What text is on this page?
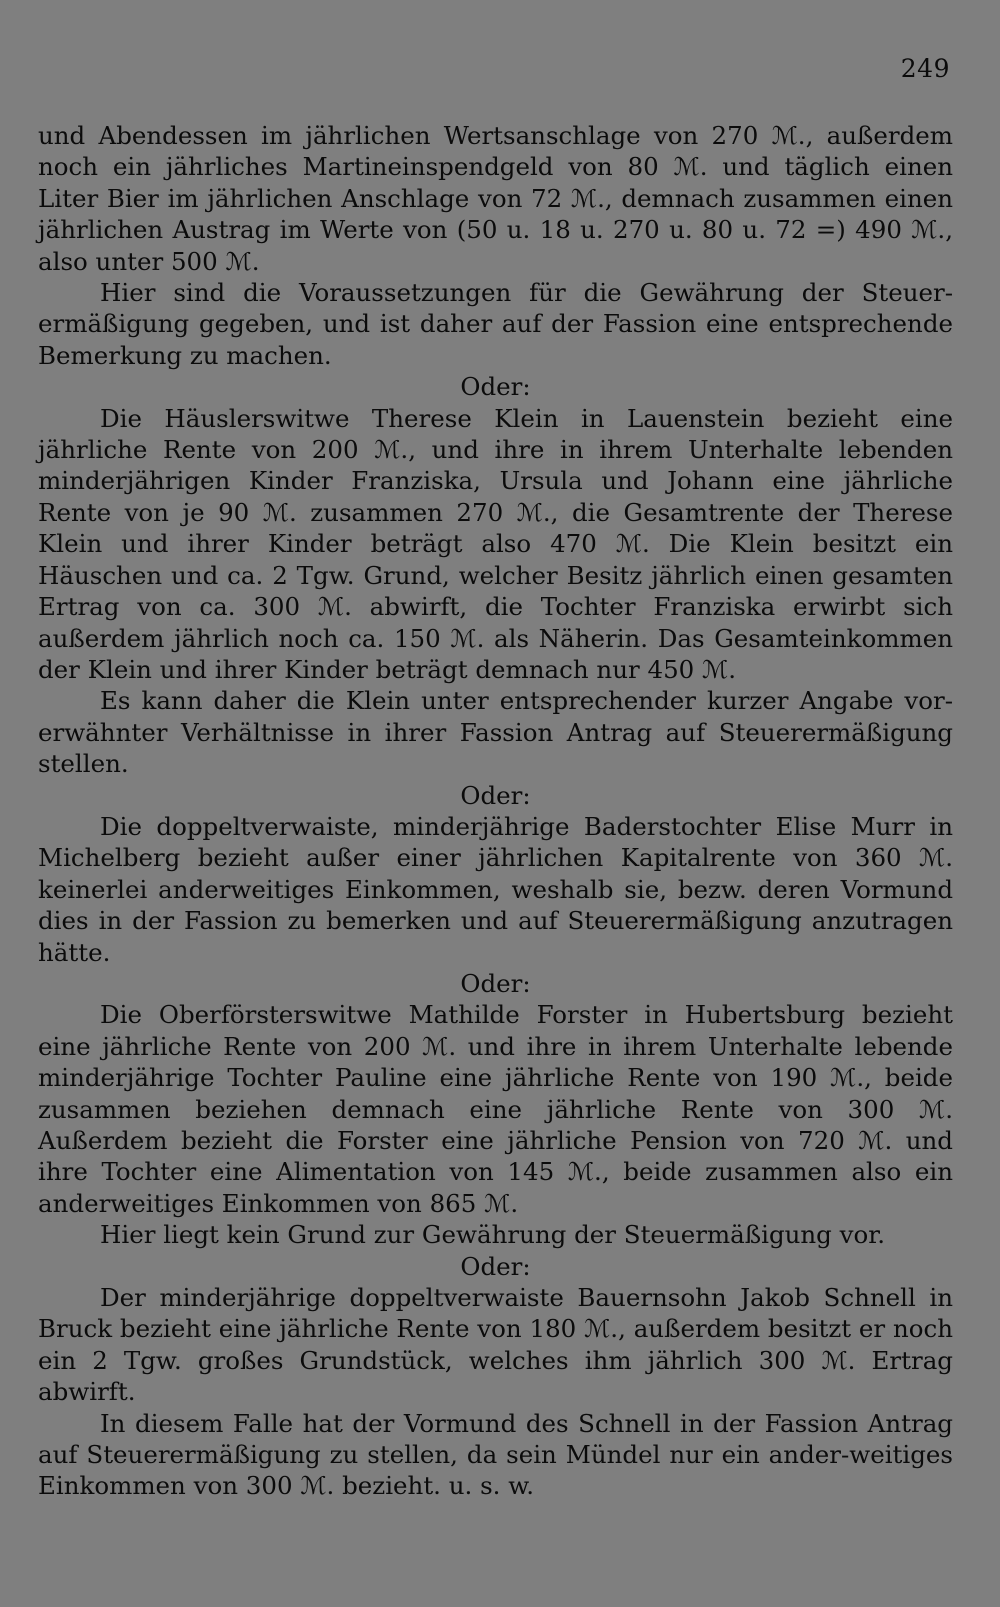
249

und Abendessen im jährlichen Wertsanschlage von 270 ℳ., außerdem noch ein jährliches Martineinspendgeld von 80 ℳ. und täglich einen Liter Bier im jährlichen Anschlage von 72 ℳ., demnach zusammen einen jährlichen Austrag im Werte von (50 u. 18 u. 270 u. 80 u. 72 =) 490 ℳ., also unter 500 ℳ.

Hier sind die Voraussetzungen für die Gewährung der Steuer-ermäßigung gegeben, und ist daher auf der Fassion eine entsprechende Bemerkung zu machen.

Oder:

Die Häuslerswitwe Therese Klein in Lauenstein bezieht eine jährliche Rente von 200 ℳ., und ihre in ihrem Unterhalte lebenden minderjährigen Kinder Franziska, Ursula und Johann eine jährliche Rente von je 90 ℳ. zusammen 270 ℳ., die Gesamtrente der Therese Klein und ihrer Kinder beträgt also 470 ℳ. Die Klein besitzt ein Häuschen und ca. 2 Tgw. Grund, welcher Besitz jährlich einen gesamten Ertrag von ca. 300 ℳ. abwirft, die Tochter Franziska erwirbt sich außerdem jährlich noch ca. 150 ℳ. als Näherin. Das Gesamteinkommen der Klein und ihrer Kinder beträgt demnach nur 450 ℳ.

Es kann daher die Klein unter entsprechender kurzer Angabe vor-erwähnter Verhältnisse in ihrer Fassion Antrag auf Steuerermäßigung stellen.

Oder:

Die doppeltverwaiste, minderjährige Baderstochter Elise Murr in Michelberg bezieht außer einer jährlichen Kapitalrente von 360 ℳ. keinerlei anderweitiges Einkommen, weshalb sie, bezw. deren Vormund dies in der Fassion zu bemerken und auf Steuerermäßigung anzutragen hätte.

Oder:

Die Oberförsterswitwe Mathilde Forster in Hubertsburg bezieht eine jährliche Rente von 200 ℳ. und ihre in ihrem Unterhalte lebende minderjährige Tochter Pauline eine jährliche Rente von 190 ℳ., beide zusammen beziehen demnach eine jährliche Rente von 300 ℳ. Außerdem bezieht die Forster eine jährliche Pension von 720 ℳ. und ihre Tochter eine Alimentation von 145 ℳ., beide zusammen also ein anderweitiges Einkommen von 865 ℳ.

Hier liegt kein Grund zur Gewährung der Steuermäßigung vor.

Oder:

Der minderjährige doppeltverwaiste Bauernsohn Jakob Schnell in Bruck bezieht eine jährliche Rente von 180 ℳ., außerdem besitzt er noch ein 2 Tgw. großes Grundstück, welches ihm jährlich 300 ℳ. Ertrag abwirft.

In diesem Falle hat der Vormund des Schnell in der Fassion Antrag auf Steuerermäßigung zu stellen, da sein Mündel nur ein ander-weitiges Einkommen von 300 ℳ. bezieht. u. s. w.
